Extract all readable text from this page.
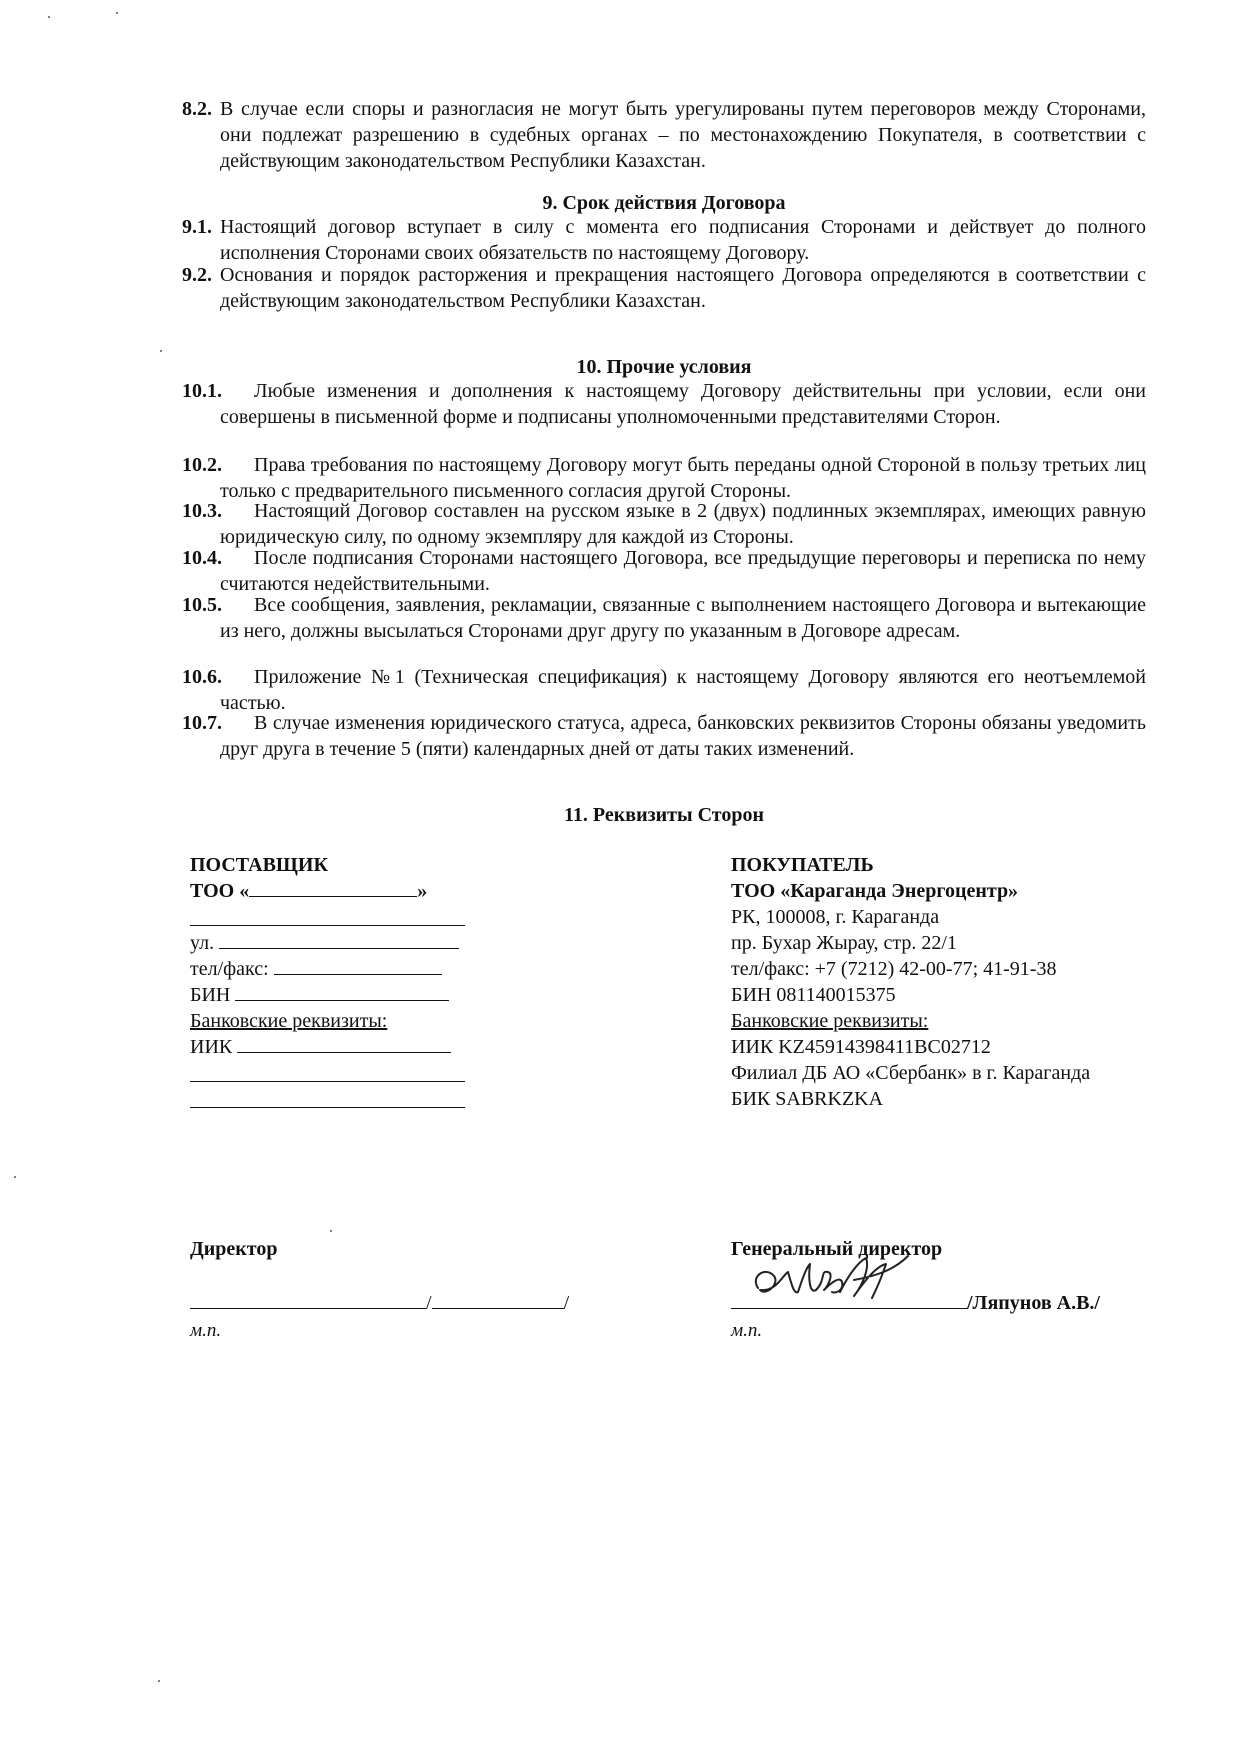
8.2. В случае если споры и разногласия не могут быть урегулированы путем переговоров между Сторонами, они подлежат разрешению в судебных органах – по местонахождению Покупателя, в соответствии с действующим законодательством Республики Казахстан.
9. Срок действия Договора
9.1. Настоящий договор вступает в силу с момента его подписания Сторонами и действует до полного исполнения Сторонами своих обязательств по настоящему Договору.
9.2. Основания и порядок расторжения и прекращения настоящего Договора определяются в соответствии с действующим законодательством Республики Казахстан.
10. Прочие условия
10.1.	Любые изменения и дополнения к настоящему Договору действительны при условии, если они совершены в письменной форме и подписаны уполномоченными представителями Сторон.
10.2.	Права требования по настоящему Договору могут быть переданы одной Стороной в пользу третьих лиц только с предварительного письменного согласия другой Стороны.
10.3.	Настоящий Договор составлен на русском языке в 2 (двух) подлинных экземплярах, имеющих равную юридическую силу, по одному экземпляру для каждой из Стороны.
10.4.	После подписания Сторонами настоящего Договора, все предыдущие переговоры и переписка по нему считаются недействительными.
10.5.	Все сообщения, заявления, рекламации, связанные с выполнением настоящего Договора и вытекающие из него, должны высылаться Сторонами друг другу по указанным в Договоре адресам.
10.6.	Приложение №1 (Техническая спецификация) к настоящему Договору являются его неотъемлемой частью.
10.7.	В случае изменения юридического статуса, адреса, банковских реквизитов Стороны обязаны уведомить друг друга в течение 5 (пяти) календарных дней от даты таких изменений.
11. Реквизиты Сторон
ПОСТАВЩИК
ТОО «	»
ул.
тел/факс:
БИН
Банковские реквизиты:
ИИК
Директор
/	/
м.п.
ПОКУПАТЕЛЬ
ТОО «Караганда Энергоцентр»
РК, 100008, г. Караганда
пр. Бухар Жырау, стр. 22/1
тел/факс: +7 (7212) 42-00-77; 41-91-38
БИН 081140015375
Банковские реквизиты:
ИИК KZ45914398411BC02712
Филиал ДБ АО «Сбербанк» в г. Караганда
БИК SABRKZKA
Генеральный директор
/Ляпунов А.В./
м.п.
